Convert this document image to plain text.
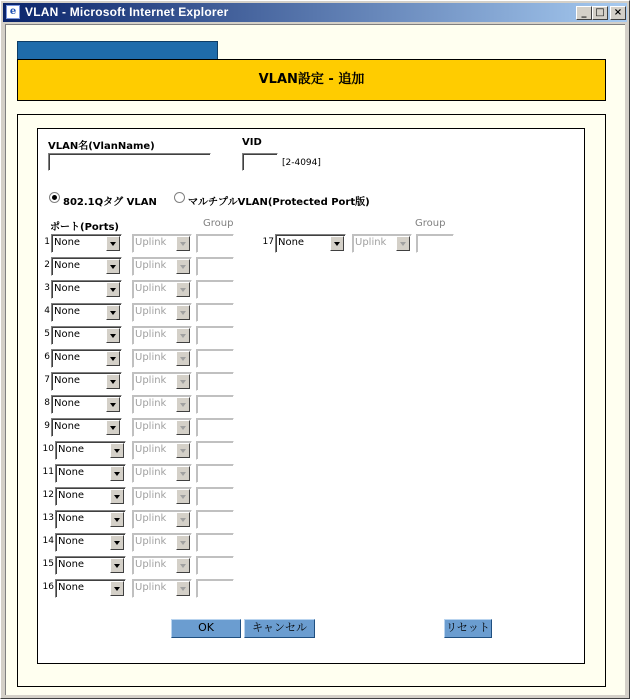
e VLAN - Microsoft Internet Explorer	_ □ ×
VLAN設定 - 追加
VLAN名(VlanName)	VID
[2-4094]
802.1Qタグ VLAN	マルチプルVLAN(Protected Port版)
ポート(Ports)	Group	Group
1 None	Uplink
2 None	Uplink
3 None	Uplink
4 None	Uplink
5 None	Uplink
6 None	Uplink
7 None	Uplink
8 None	Uplink
9 None	Uplink
10 None	Uplink
11 None	Uplink
12 None	Uplink
13 None	Uplink
14 None	Uplink
15 None	Uplink
16 None	Uplink
17 None	Uplink
OK	キャンセル	リセット
